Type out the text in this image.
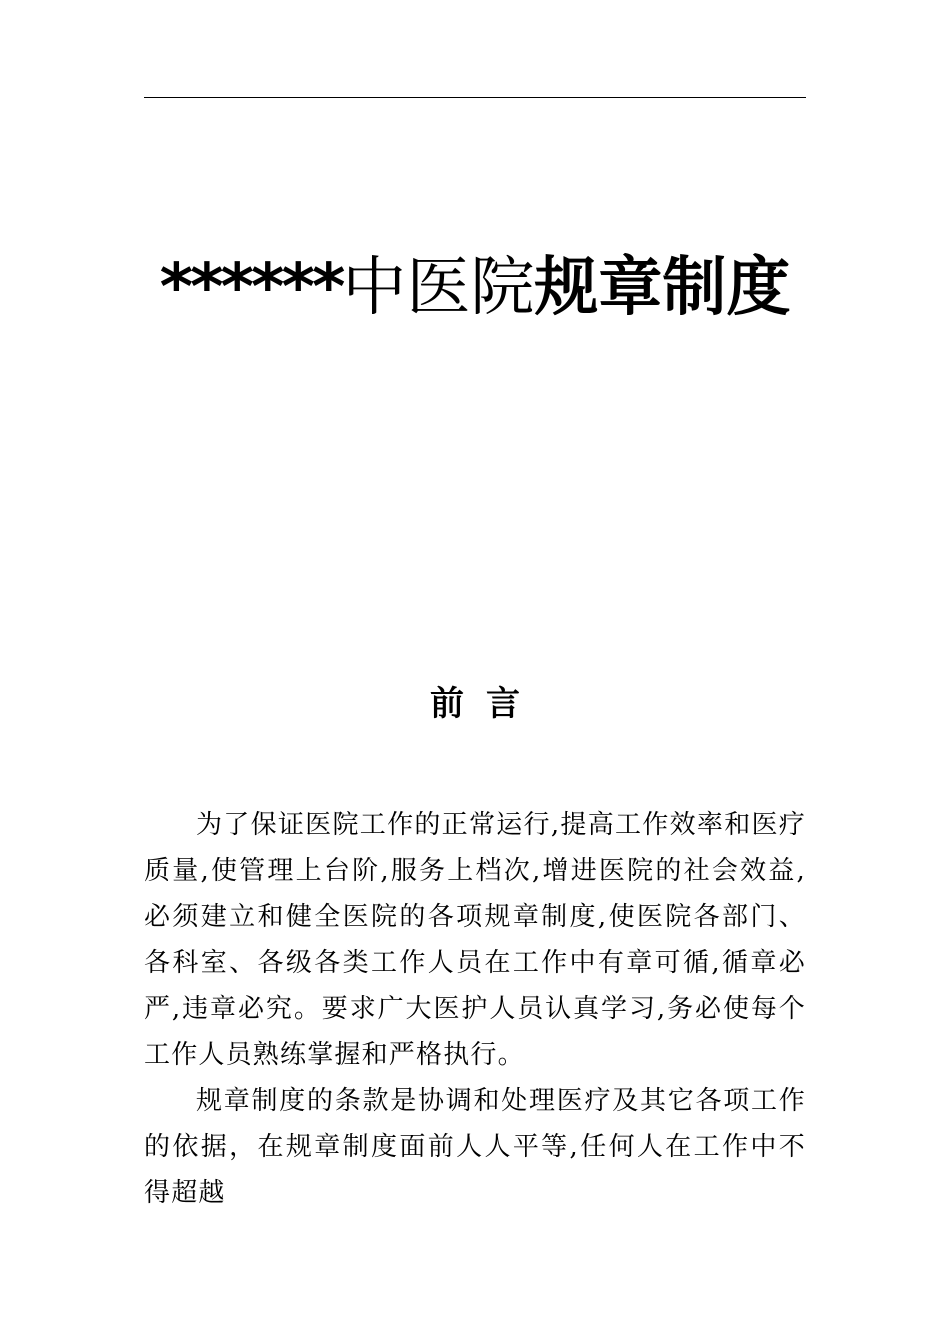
******中医院规章制度
前言

为了保证医院工作的正常运行,提高工作效率和医疗质量,使管理上台阶,服务上档次,增进医院的社会效益,必须建立和健全医院的各项规章制度,使医院各部门、各科室、各级各类工作人员在工作中有章可循,循章必严,违章必究。要求广大医护人员认真学习,务必使每个工作人员熟练掌握和严格执行。

规章制度的条款是协调和处理医疗及其它各项工作的依据，在规章制度面前人人平等,任何人在工作中不得超越
